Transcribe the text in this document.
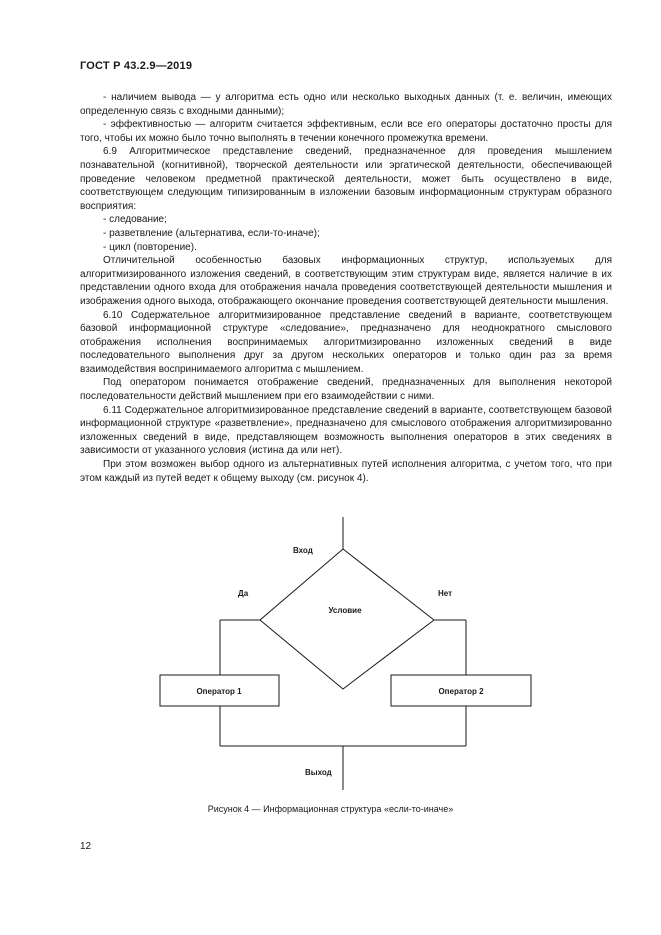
ГОСТ Р 43.2.9—2019

- наличием вывода — у алгоритма есть одно или несколько выходных данных (т. е. величин, имеющих определенную связь с входными данными);

- эффективностью — алгоритм считается эффективным, если все его операторы достаточно просты для того, чтобы их можно было точно выполнять в течении конечного промежутка времени.

6.9 Алгоритмическое представление сведений, предназначенное для проведения мышлением познавательной (когнитивной), творческой деятельности или эргатической деятельности, обеспечивающей проведение человеком предметной практической деятельности, может быть осуществлено в виде, соответствующем следующим типизированным в изложении базовым информационным структурам образного восприятия:

- следование;

- разветвление (альтернатива, если-то-иначе);

- цикл (повторение).

Отличительной особенностью базовых информационных структур, используемых для алгоритмизированного изложения сведений, в соответствующим этим структурам виде, является наличие в их представлении одного входа для отображения начала проведения соответствующей деятельности мышления и изображения одного выхода, отображающего окончание проведения соответствующей деятельности мышления.

6.10 Содержательное алгоритмизированное представление сведений в варианте, соответствующем базовой информационной структуре «следование», предназначено для неоднократного смыслового отображения исполнения воспринимаемых алгоритмизированно изложенных сведений в виде последовательного выполнения друг за другом нескольких операторов и только один раз за время взаимодействия воспринимаемого алгоритма с мышлением.

Под оператором понимается отображение сведений, предназначенных для выполнения некоторой последовательности действий мышлением при его взаимодействии с ними.

6.11 Содержательное алгоритмизированное представление сведений в варианте, соответствующем базовой информационной структуре «разветвление», предназначено для смыслового отображения алгоритмизированно изложенных сведений в виде, представляющем возможность выполнения операторов в этих сведениях в зависимости от указанного условия (истина да или нет).

При этом возможен выбор одного из альтернативных путей исполнения алгоритма, с учетом того, что при этом каждый из путей ведет к общему выходу (см. рисунок 4).

Вход
Условие
Да	Нет
Оператор 1	Оператор 2
Выход
Рисунок 4 — Информационная структура «если-то-иначе»
12
